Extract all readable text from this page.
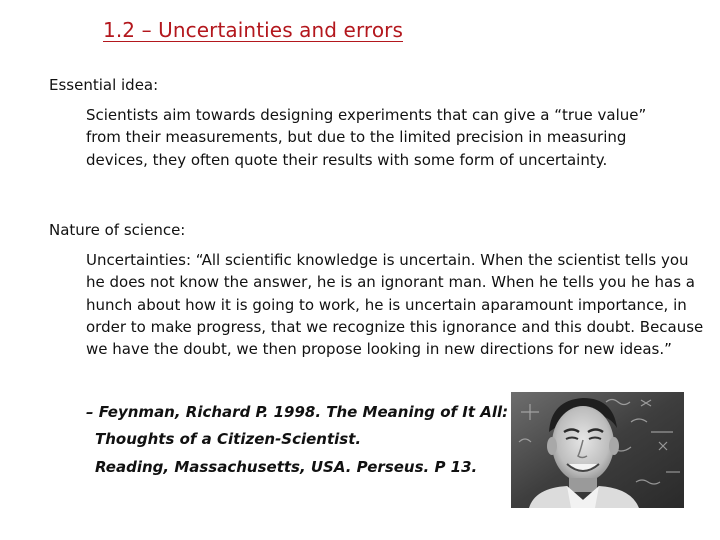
1.2 – Uncertainties and errors
Essential idea:
Scientists aim towards designing experiments that can give a “true value” from their measurements, but due to the limited precision in measuring devices, they often quote their results with some form of uncertainty.
Nature of science:
Uncertainties: “All scientific knowledge is uncertain. When the scientist tells you he does not know the answer, he is an ignorant man. When he tells you he has a hunch about how it is going to work, he is uncertain aparamount importance, in order to make progress, that we recognize this ignorance and this doubt. Because we have the doubt, we then propose looking in new directions for new ideas.”
– Feynman, Richard P. 1998. The Meaning of It All:
Thoughts of a Citizen-Scientist.
Reading, Massachusetts, USA. Perseus. P 13.
